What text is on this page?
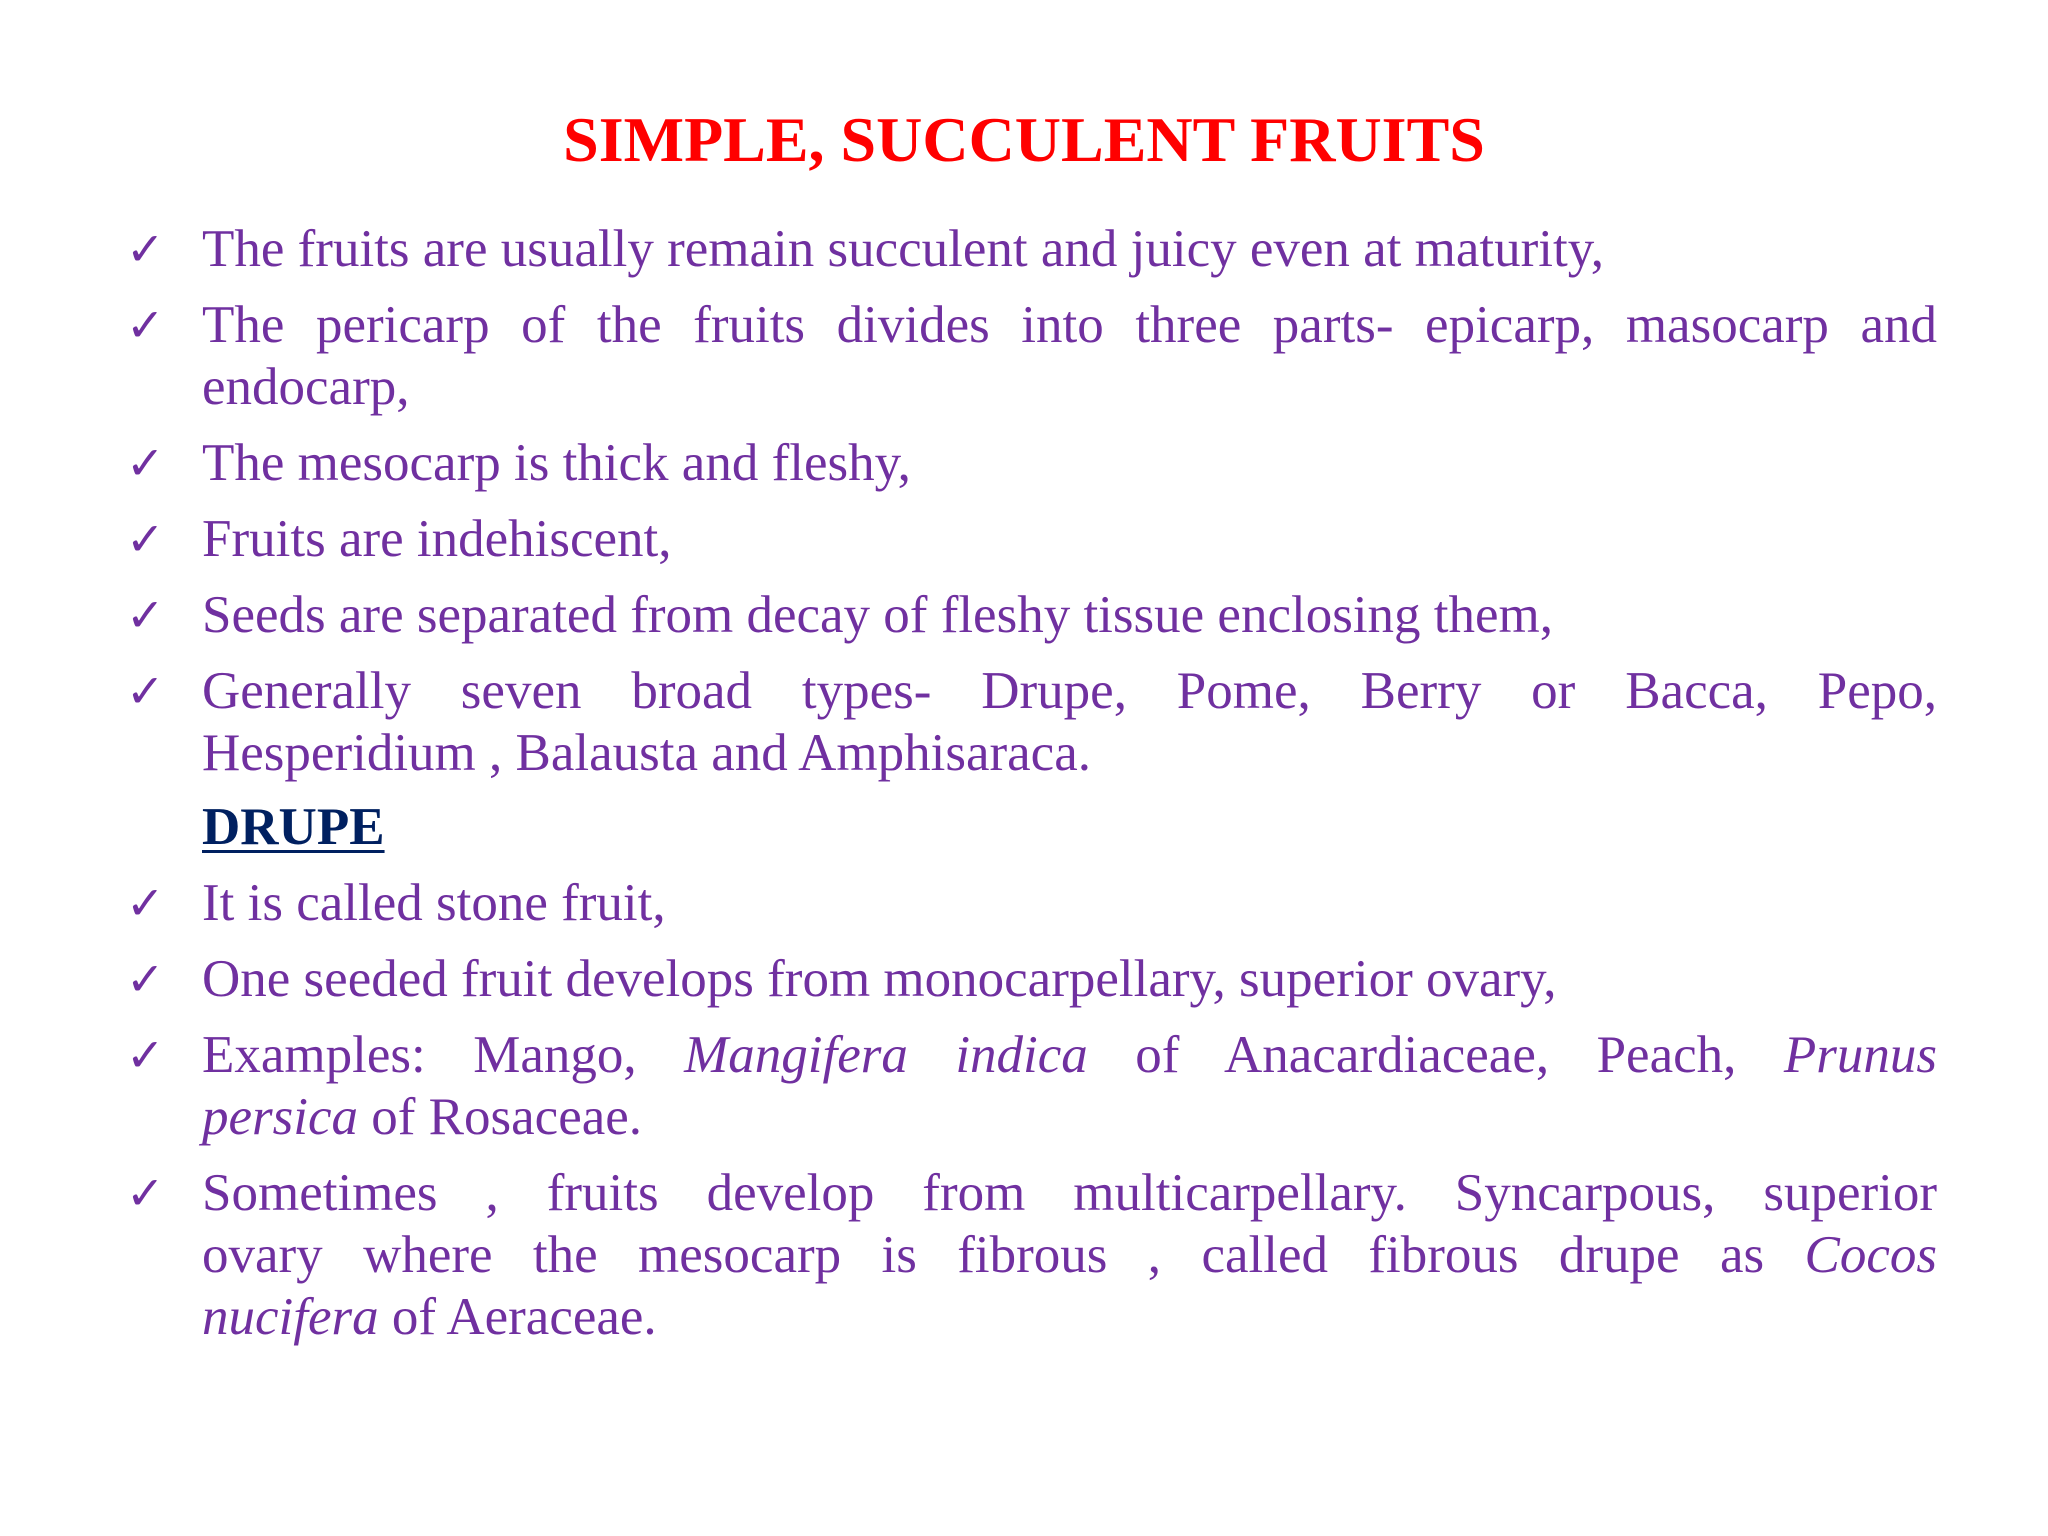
SIMPLE, SUCCULENT FRUITS
✓ The fruits are usually remain succulent and juicy even at maturity,
✓ The pericarp of the fruits divides into three parts- epicarp, masocarp and
endocarp,
✓ The mesocarp is thick and fleshy,
✓ Fruits are indehiscent,
✓ Seeds are separated from decay of fleshy tissue enclosing them,
✓ Generally seven broad types- Drupe, Pome, Berry or Bacca, Pepo,
Hesperidium , Balausta and Amphisaraca.
DRUPE
✓ It is called stone fruit,
✓ One seeded fruit develops from monocarpellary, superior ovary,
✓ Examples: Mango, Mangifera indica of Anacardiaceae, Peach, Prunus
persica of Rosaceae.
✓ Sometimes , fruits develop from multicarpellary. Syncarpous, superior
ovary where the mesocarp is fibrous , called fibrous drupe as Cocos
nucifera of Aeraceae.
